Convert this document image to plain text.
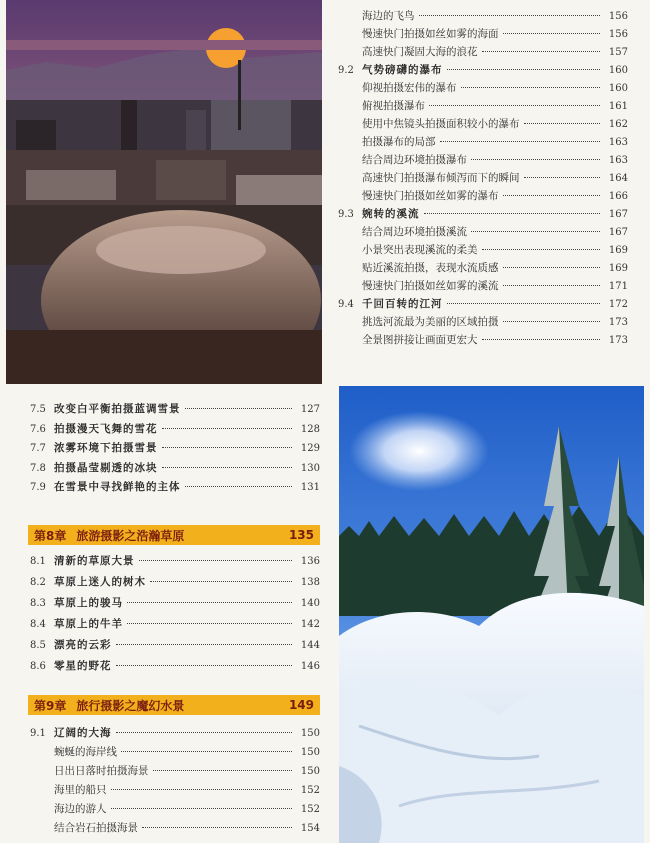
海边的飞鸟	156
慢速快门拍摄如丝如雾的海面	156
高速快门凝固大海的浪花	157
9.2 气势磅礴的瀑布	160
仰视拍摄宏伟的瀑布	160
俯视拍摄瀑布	161
使用中焦镜头拍摄面积较小的瀑布	162
拍摄瀑布的局部	163
结合周边环境拍摄瀑布	163
高速快门拍摄瀑布倾泻而下的瞬间	164
慢速快门拍摄如丝如雾的瀑布	166
9.3 婉转的溪流	167
结合周边环境拍摄溪流	167
小景突出表现溪流的柔美	169
贴近溪流拍摄，表现水流质感	169
慢速快门拍摄如丝如雾的溪流	171
9.4 千回百转的江河	172
挑选河流最为美丽的区域拍摄	173
全景图拼接让画面更宏大	173
7.5 改变白平衡拍摄蓝调雪景	127
7.6 拍摄漫天飞舞的雪花	128
7.7 浓雾环境下拍摄雪景	129
7.8 拍摄晶莹剔透的冰块	130
7.9 在雪景中寻找鲜艳的主体	131
第8章 旅游摄影之浩瀚草原	135
8.1 清新的草原大景	136
8.2 草原上迷人的树木	138
8.3 草原上的骏马	140
8.4 草原上的牛羊	142
8.5 漂亮的云彩	144
8.6 零星的野花	146
第9章 旅行摄影之魔幻水景	149
9.1 辽阔的大海	150
蜿蜒的海岸线	150
日出日落时拍摄海景	150
海里的船只	152
海边的游人	152
结合岩石拍摄海景	154
